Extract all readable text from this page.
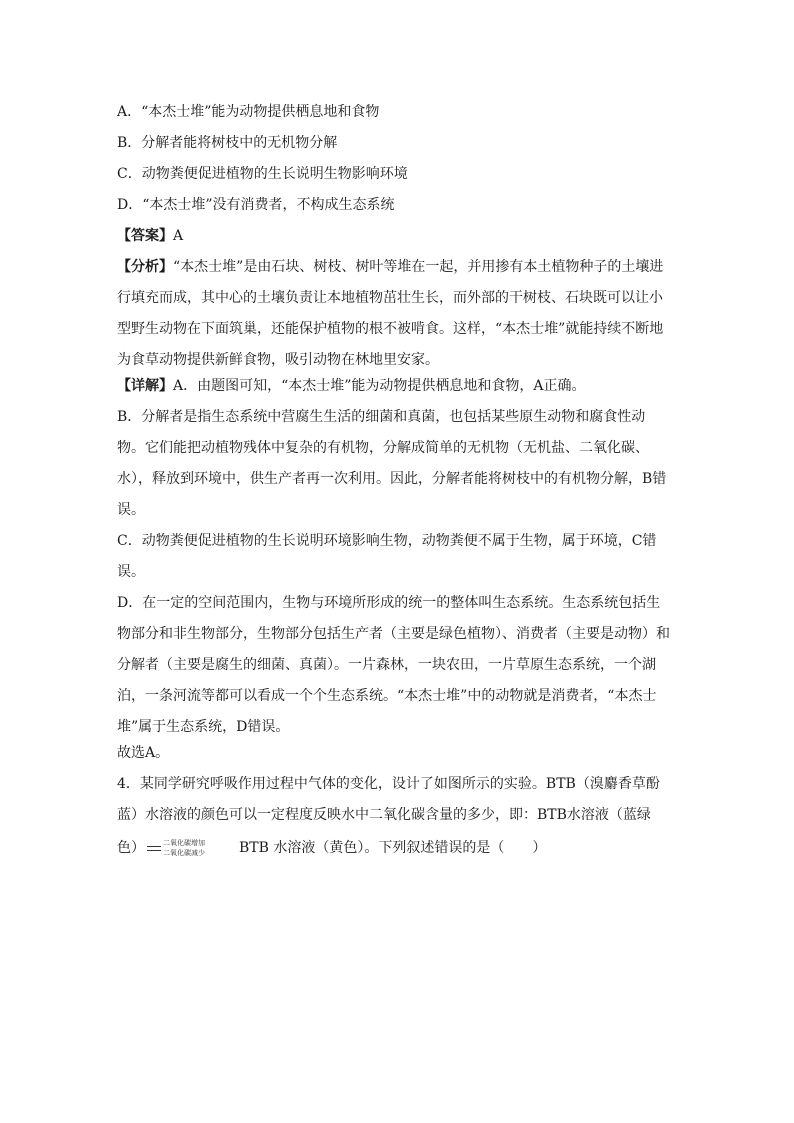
A．“本杰士堆”能为动物提供栖息地和食物
B．分解者能将树枝中的无机物分解
C．动物粪便促进植物的生长说明生物影响环境
D．“本杰士堆”没有消费者，不构成生态系统
【答案】A
【分析】“本杰士堆”是由石块、树枝、树叶等堆在一起，并用掺有本土植物种子的土壤进
行填充而成，其中心的土壤负责让本地植物茁壮生长，而外部的干树枝、石块既可以让小
型野生动物在下面筑巢，还能保护植物的根不被啃食。这样，“本杰士堆”就能持续不断地
为食草动物提供新鲜食物，吸引动物在林地里安家。
【详解】A．由题图可知，“本杰士堆”能为动物提供栖息地和食物，A正确。
B．分解者是指生态系统中营腐生生活的细菌和真菌，也包括某些原生动物和腐食性动
物。它们能把动植物残体中复杂的有机物，分解成简单的无机物（无机盐、二氧化碳、
水），释放到环境中，供生产者再一次利用。因此，分解者能将树枝中的有机物分解，B错
误。
C．动物粪便促进植物的生长说明环境影响生物，动物粪便不属于生物，属于环境，C错
误。
D．在一定的空间范围内，生物与环境所形成的统一的整体叫生态系统。生态系统包括生
物部分和非生物部分，生物部分包括生产者（主要是绿色植物）、消费者（主要是动物）和
分解者（主要是腐生的细菌、真菌）。一片森林，一块农田，一片草原生态系统，一个湖
泊，一条河流等都可以看成一个个生态系统。“本杰士堆”中的动物就是消费者，“本杰士
堆”属于生态系统，D错误。
故选A。
4．某同学研究呼吸作用过程中气体的变化，设计了如图所示的实验。BTB（溴麝香草酚
蓝）水溶液的颜色可以一定程度反映水中二氧化碳含量的多少，即：BTB水溶液（蓝绿
色）	二氧化碳增加
二氧化碳减少 BTB 水溶液（黄色）。下列叙述错误的是（　　）
